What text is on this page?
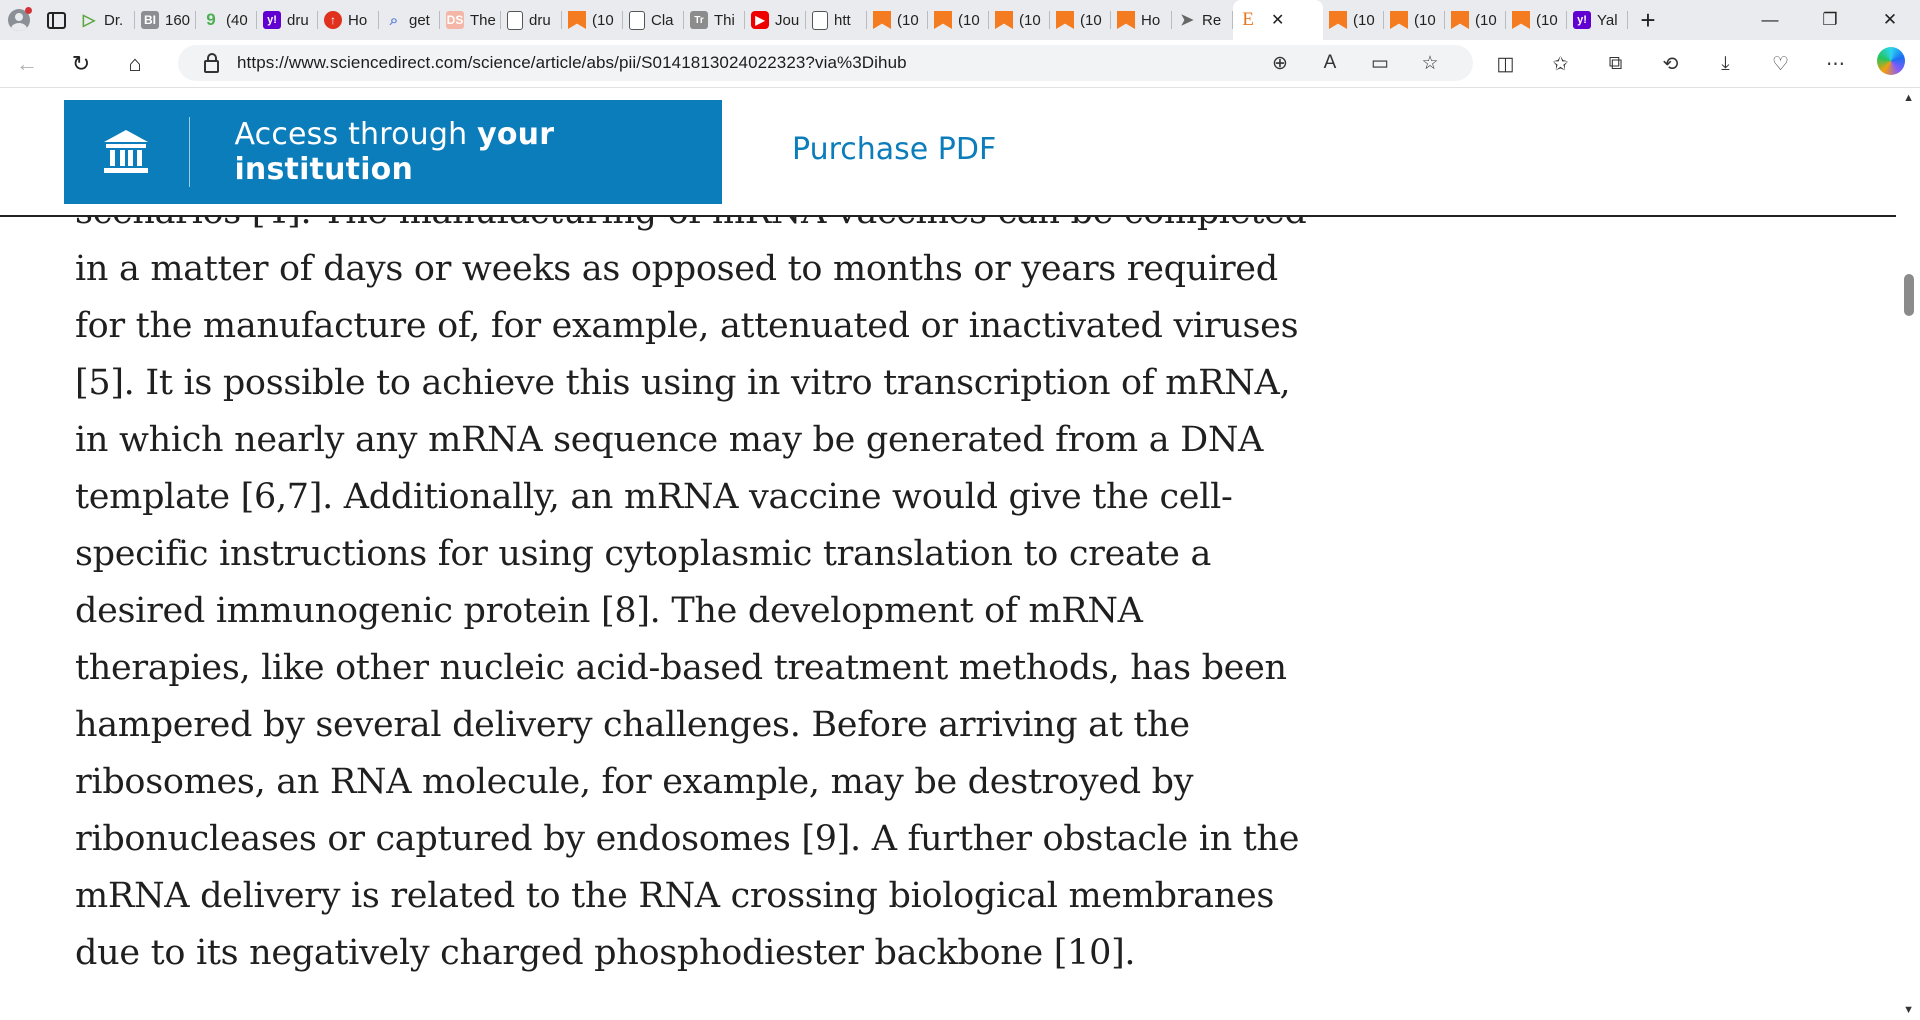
▷ Dr. BI 160 9 (40	y! dru	↑ Ho	⌕ get DS The dru	(10 Cla	Tr Thi	▶ Jou htt	(10	(10	(10	(10	Ho ➤ Re E ✕	(10	(10	(10	(10	y! Yal +	—	❐	✕
← ↻ ⌂	https://www.sciencedirect.com/science/article/abs/pii/S0141813024022323?via%3Dihub	⊕	A	▭	☆	◫	✩	⧉	⟲	⤓	♡	⋯

in a matter of days or weeks as opposed to months or years required
for the manufacture of, for example, attenuated or inactivated viruses
[5]. It is possible to achieve this using in vitro transcription of mRNA,
in which nearly any mRNA sequence may be generated from a DNA
template [6,7]. Additionally, an mRNA vaccine would give the cell-
specific instructions for using cytoplasmic translation to create a
desired immunogenic protein [8]. The development of mRNA
therapies, like other nucleic acid-based treatment methods, has been
hampered by several delivery challenges. Before arriving at the
ribosomes, an RNA molecule, for example, may be destroyed by
ribonucleases or captured by endosomes [9]. A further obstacle in the
mRNA delivery is related to the RNA crossing biological membranes
due to its negatively charged phosphodiester backbone [10].

Access through your institution
Purchase PDF
▲
▼
